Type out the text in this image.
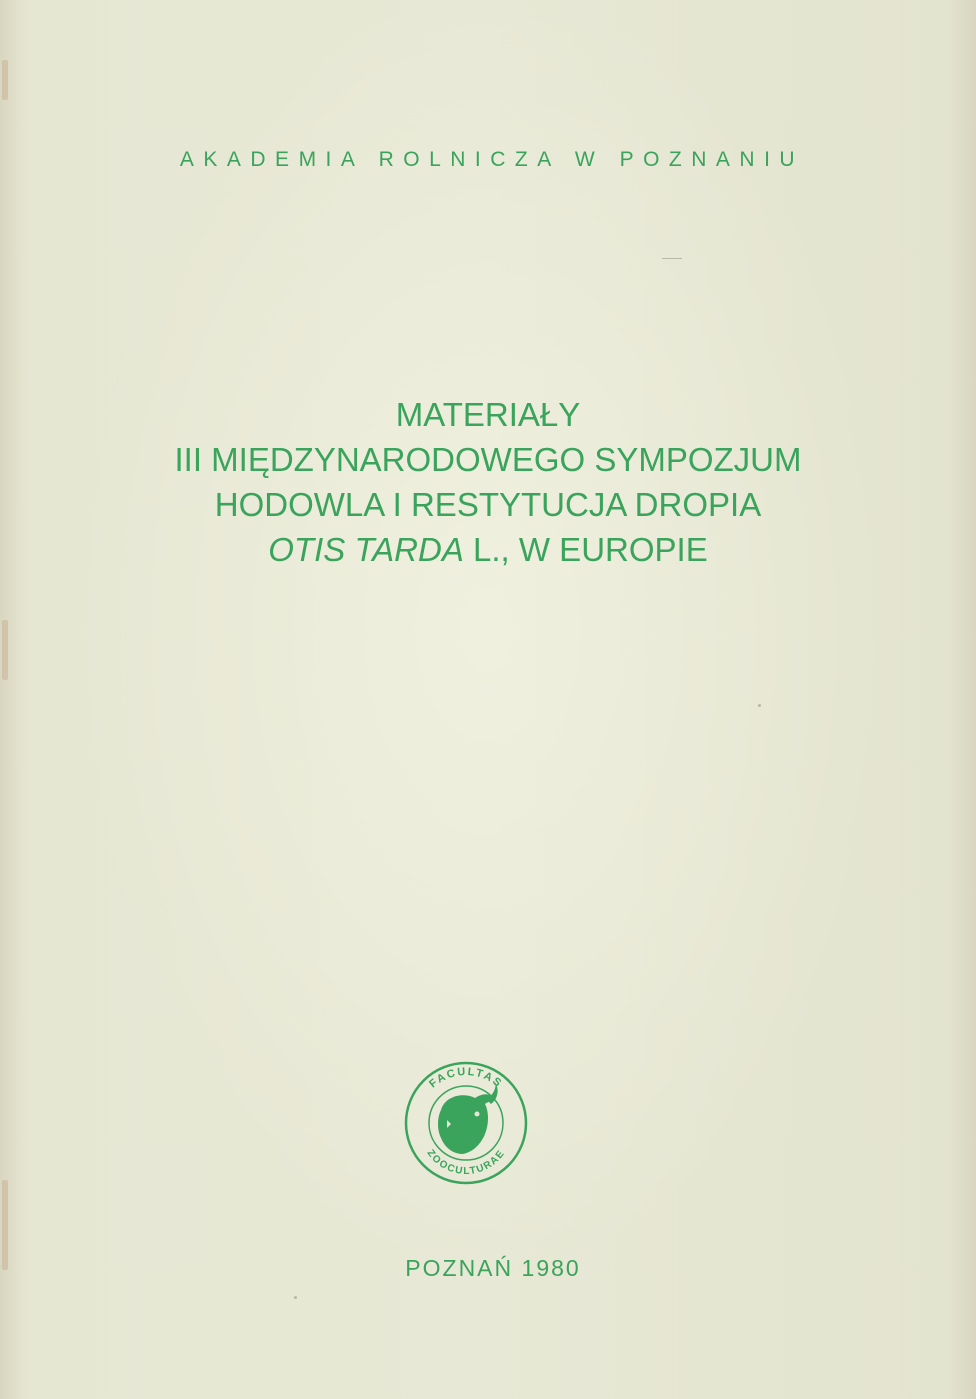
AKADEMIA ROLNICZA W POZNANIU
MATERIAŁY
III MIĘDZYNARODOWEGO SYMPOZJUM
HODOWLA I RESTYTUCJA DROPIA
OTIS TARDA L., W EUROPIE
FACULTAS
ZOOCULTURAE
POZNAŃ 1980
